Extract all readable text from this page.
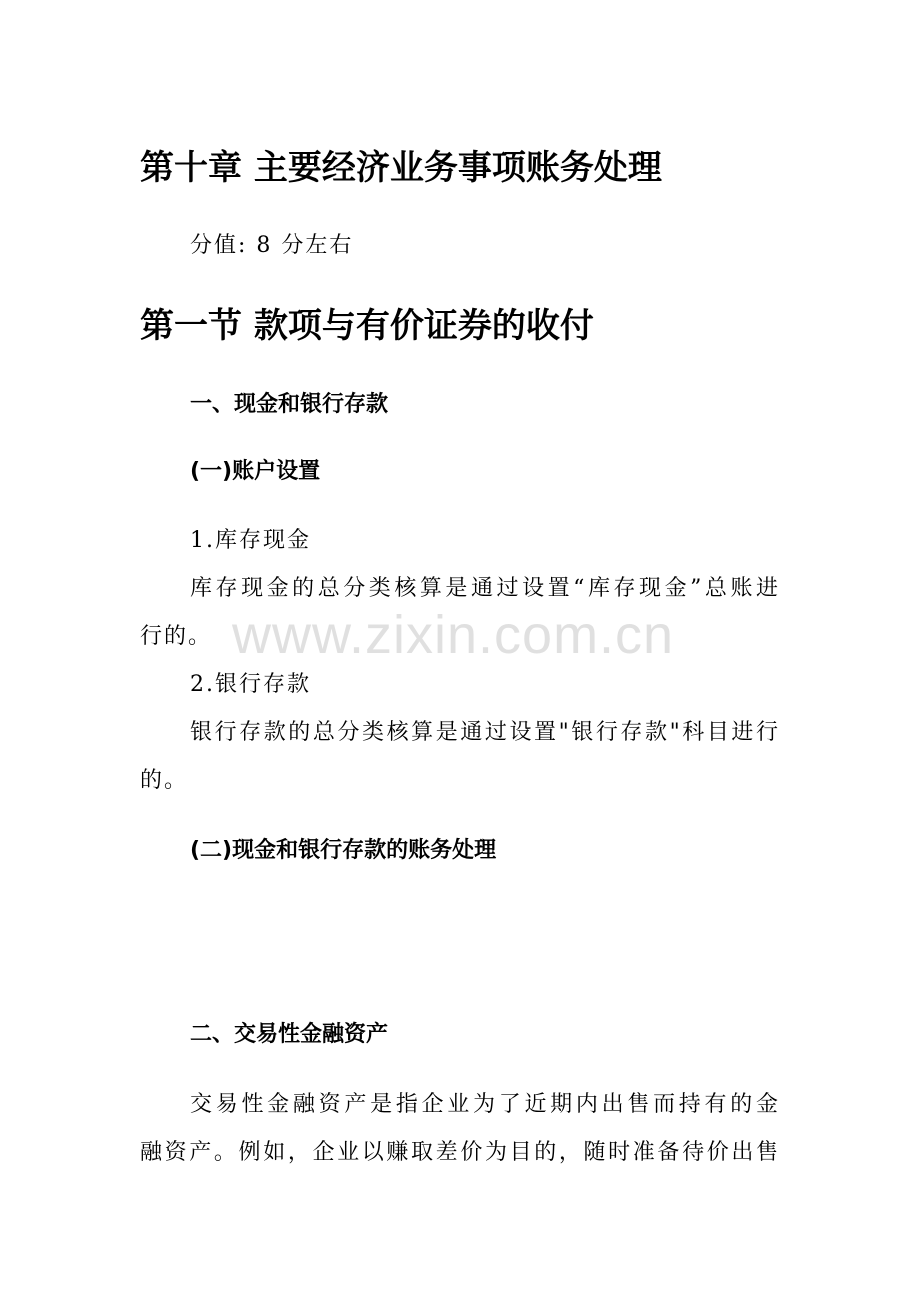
第十章 主要经济业务事项账务处理
分值: 8 分左右
第一节 款项与有价证券的收付
一、现金和银行存款
(一)账户设置
1.库存现金
库存现金的总分类核算是通过设置“库存现金”总账进
行的。
2.银行存款
银行存款的总分类核算是通过设置"银行存款"科目进行
的。
(二)现金和银行存款的账务处理
二、交易性金融资产
交易性金融资产是指企业为了近期内出售而持有的金
融资产。例如，企业以赚取差价为目的，随时准备待价出售
www.zixin.com.cn
